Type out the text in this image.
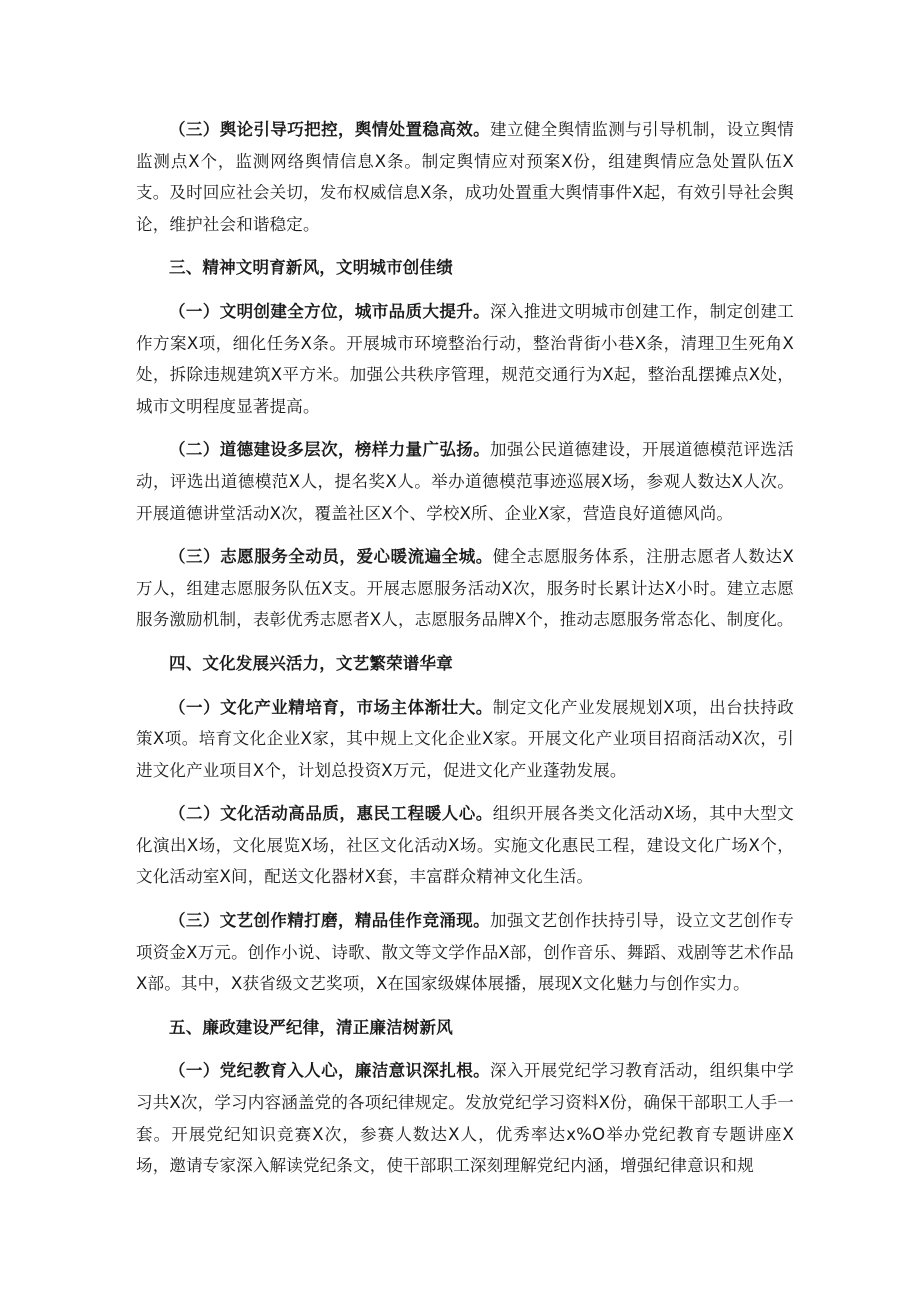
（三）舆论引导巧把控，舆情处置稳高效。建立健全舆情监测与引导机制，设立舆情监测点X个，监测网络舆情信息X条。制定舆情应对预案X份，组建舆情应急处置队伍X支。及时回应社会关切，发布权威信息X条，成功处置重大舆情事件X起，有效引导社会舆论，维护社会和谐稳定。

三、精神文明育新风，文明城市创佳绩

（一）文明创建全方位，城市品质大提升。深入推进文明城市创建工作，制定创建工作方案X项，细化任务X条。开展城市环境整治行动，整治背街小巷X条，清理卫生死角X处，拆除违规建筑X平方米。加强公共秩序管理，规范交通行为X起，整治乱摆摊点X处，城市文明程度显著提高。

（二）道德建设多层次，榜样力量广弘扬。加强公民道德建设，开展道德模范评选活动，评选出道德模范X人，提名奖X人。举办道德模范事迹巡展X场，参观人数达X人次。开展道德讲堂活动X次，覆盖社区X个、学校X所、企业X家，营造良好道德风尚。

（三）志愿服务全动员，爱心暖流遍全城。健全志愿服务体系，注册志愿者人数达X万人，组建志愿服务队伍X支。开展志愿服务活动X次，服务时长累计达X小时。建立志愿服务激励机制，表彰优秀志愿者X人，志愿服务品牌X个，推动志愿服务常态化、制度化。

四、文化发展兴活力，文艺繁荣谱华章

（一）文化产业精培育，市场主体渐壮大。制定文化产业发展规划X项，出台扶持政策X项。培育文化企业X家，其中规上文化企业X家。开展文化产业项目招商活动X次，引进文化产业项目X个，计划总投资X万元，促进文化产业蓬勃发展。

（二）文化活动高品质，惠民工程暖人心。组织开展各类文化活动X场，其中大型文化演出X场，文化展览X场，社区文化活动X场。实施文化惠民工程，建设文化广场X个，文化活动室X间，配送文化器材X套，丰富群众精神文化生活。

（三）文艺创作精打磨，精品佳作竞涌现。加强文艺创作扶持引导，设立文艺创作专项资金X万元。创作小说、诗歌、散文等文学作品X部，创作音乐、舞蹈、戏剧等艺术作品X部。其中，X获省级文艺奖项，X在国家级媒体展播，展现X文化魅力与创作实力。

五、廉政建设严纪律，清正廉洁树新风

（一）党纪教育入人心，廉洁意识深扎根。深入开展党纪学习教育活动，组织集中学习共X次，学习内容涵盖党的各项纪律规定。发放党纪学习资料X份，确保干部职工人手一套。开展党纪知识竞赛X次，参赛人数达X人，优秀率达x%O举办党纪教育专题讲座X场，邀请专家深入解读党纪条文，使干部职工深刻理解党纪内涵，增强纪律意识和规
